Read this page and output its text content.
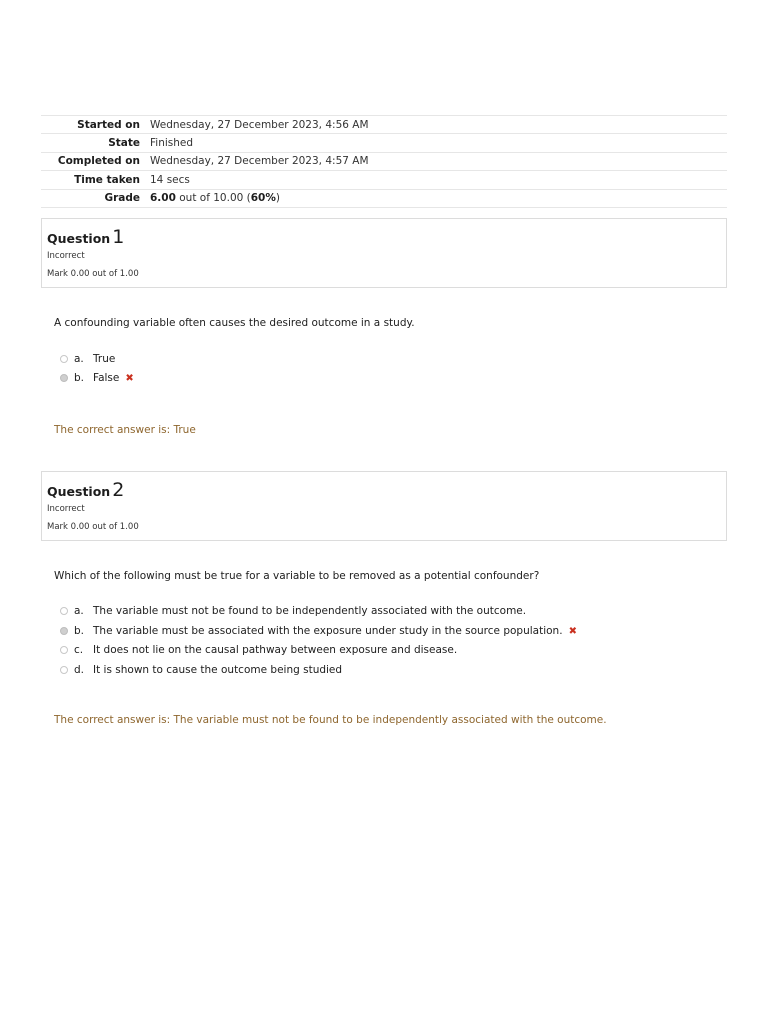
Started on	Wednesday, 27 December 2023, 4:56 AM
State	Finished
Completed on	Wednesday, 27 December 2023, 4:57 AM
Time taken	14 secs
Grade	6.00 out of 10.00 (60%)
Question 1
Incorrect
Mark 0.00 out of 1.00
A confounding variable often causes the desired outcome in a study.
a. True
b. False ✖
The correct answer is: True
Question 2
Incorrect
Mark 0.00 out of 1.00
Which of the following must be true for a variable to be removed as a potential confounder?
a. The variable must not be found to be independently associated with the outcome.
b. The variable must be associated with the exposure under study in the source population. ✖
c. It does not lie on the causal pathway between exposure and disease.
d. It is shown to cause the outcome being studied
The correct answer is: The variable must not be found to be independently associated with the outcome.
